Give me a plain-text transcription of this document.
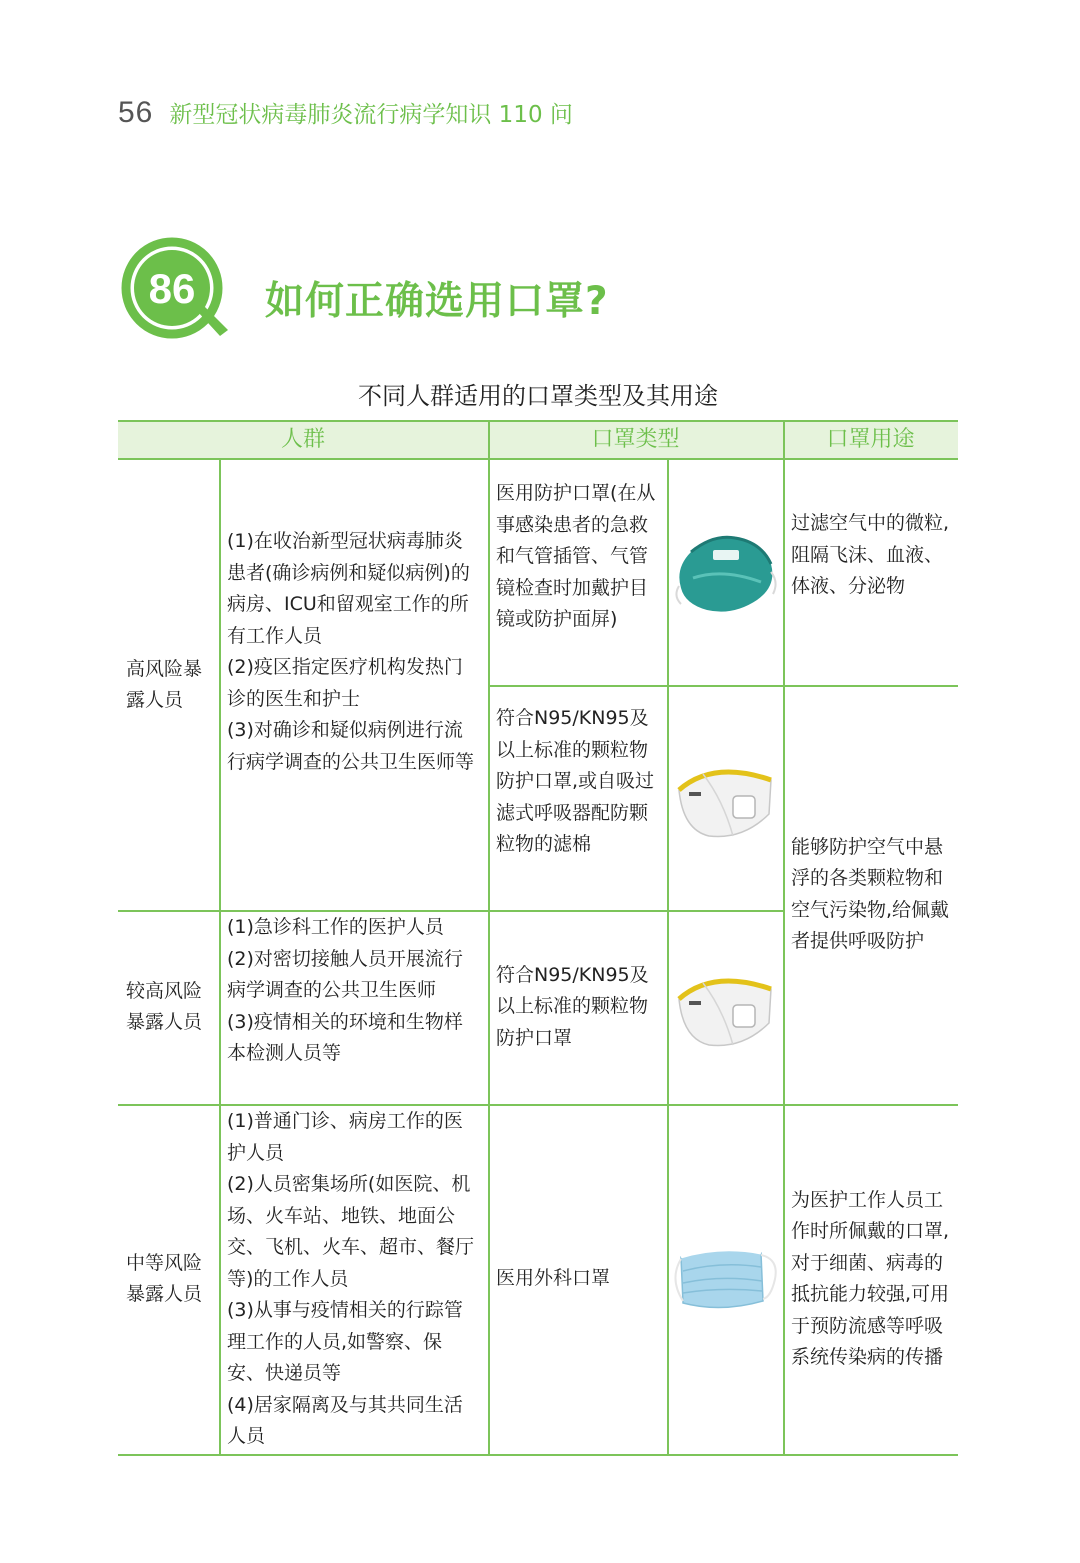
56 新型冠状病毒肺炎流行病学知识 110 问
86 如何正确选用口罩?
不同人群适用的口罩类型及其用途
人群	口罩类型	口罩用途
高风险暴露人员
(1)在收治新型冠状病毒肺炎患者(确诊病例和疑似病例)的病房、ICU和留观室工作的所有工作人员
(2)疫区指定医疗机构发热门诊的医生和护士
(3)对确诊和疑似病例进行流行病学调查的公共卫生医师等
医用防护口罩(在从事感染患者的急救和气管插管、气管镜检查时加戴护目镜或防护面屏)
符合N95/KN95及以上标准的颗粒物防护口罩,或自吸过滤式呼吸器配防颗粒物的滤棉
过滤空气中的微粒,阻隔飞沫、血液、体液、分泌物
较高风险暴露人员
(1)急诊科工作的医护人员
(2)对密切接触人员开展流行病学调查的公共卫生医师
(3)疫情相关的环境和生物样本检测人员等
符合N95/KN95及以上标准的颗粒物防护口罩
能够防护空气中悬浮的各类颗粒物和空气污染物,给佩戴者提供呼吸防护
中等风险暴露人员
(1)普通门诊、病房工作的医护人员
(2)人员密集场所(如医院、机场、火车站、地铁、地面公交、飞机、火车、超市、餐厅等)的工作人员
(3)从事与疫情相关的行踪管理工作的人员,如警察、保安、快递员等
(4)居家隔离及与其共同生活人员
医用外科口罩
为医护工作人员工作时所佩戴的口罩,对于细菌、病毒的抵抗能力较强,可用于预防流感等呼吸系统传染病的传播
